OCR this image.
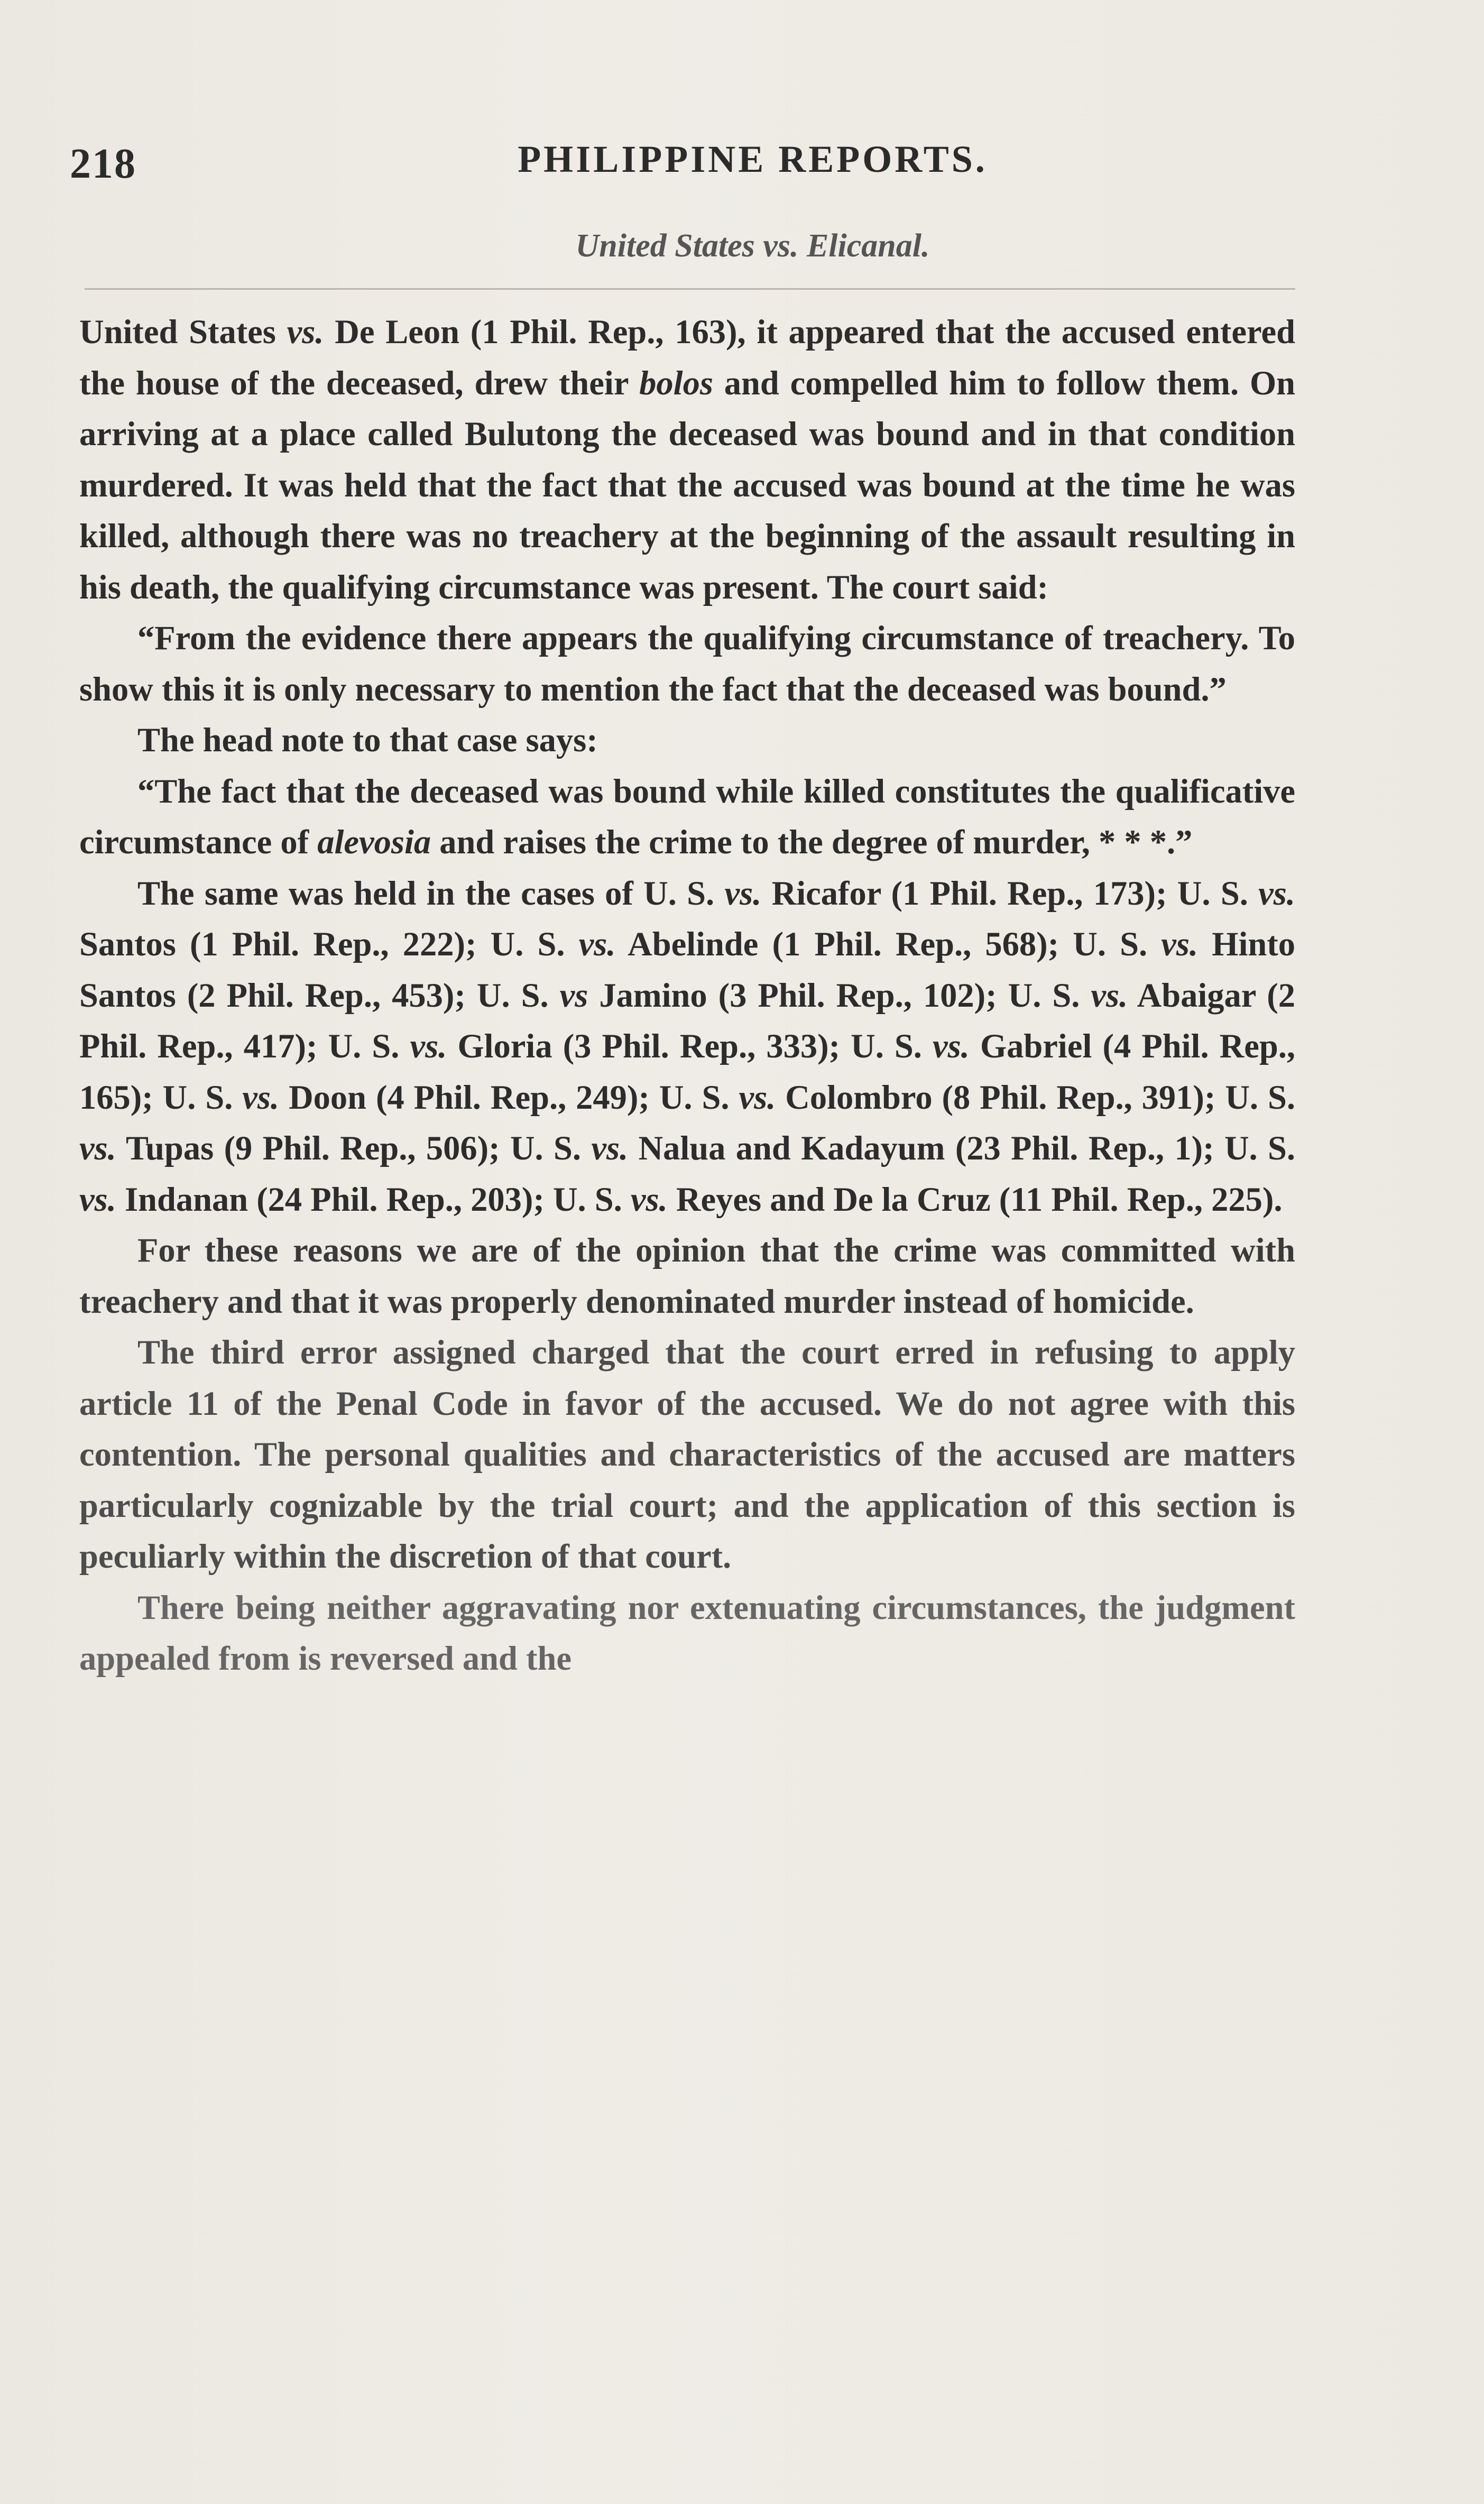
218	PHILIPPINE REPORTS.
United States vs. Elicanal.

United States vs. De Leon (1 Phil. Rep., 163), it appeared that the accused entered the house of the deceased, drew their bolos and compelled him to follow them. On arriving at a place called Bulutong the deceased was bound and in that condition murdered. It was held that the fact that the accused was bound at the time he was killed, although there was no treachery at the beginning of the assault resulting in his death, the qualifying circumstance was present. The court said:

“From the evidence there appears the qualifying circumstance of treachery. To show this it is only necessary to mention the fact that the deceased was bound.”

The head note to that case says:

“The fact that the deceased was bound while killed constitutes the qualificative circumstance of alevosia and raises the crime to the degree of murder, * * *.”

The same was held in the cases of U. S. vs. Ricafor (1 Phil. Rep., 173); U. S. vs. Santos (1 Phil. Rep., 222); U. S. vs. Abelinde (1 Phil. Rep., 568); U. S. vs. Hinto Santos (2 Phil. Rep., 453); U. S. vs Jamino (3 Phil. Rep., 102); U. S. vs. Abaigar (2 Phil. Rep., 417); U. S. vs. Gloria (3 Phil. Rep., 333); U. S. vs. Gabriel (4 Phil. Rep., 165); U. S. vs. Doon (4 Phil. Rep., 249); U. S. vs. Colombro (8 Phil. Rep., 391); U. S. vs. Tupas (9 Phil. Rep., 506); U. S. vs. Nalua and Kadayum (23 Phil. Rep., 1); U. S. vs. Indanan (24 Phil. Rep., 203); U. S. vs. Reyes and De la Cruz (11 Phil. Rep., 225).

For these reasons we are of the opinion that the crime was committed with treachery and that it was properly denominated murder instead of homicide.

The third error assigned charged that the court erred in refusing to apply article 11 of the Penal Code in favor of the accused. We do not agree with this contention. The personal qualities and characteristics of the accused are matters particularly cognizable by the trial court; and the application of this section is peculiarly within the discretion of that court.

There being neither aggravating nor extenuating circumstances, the judgment appealed from is reversed and the
